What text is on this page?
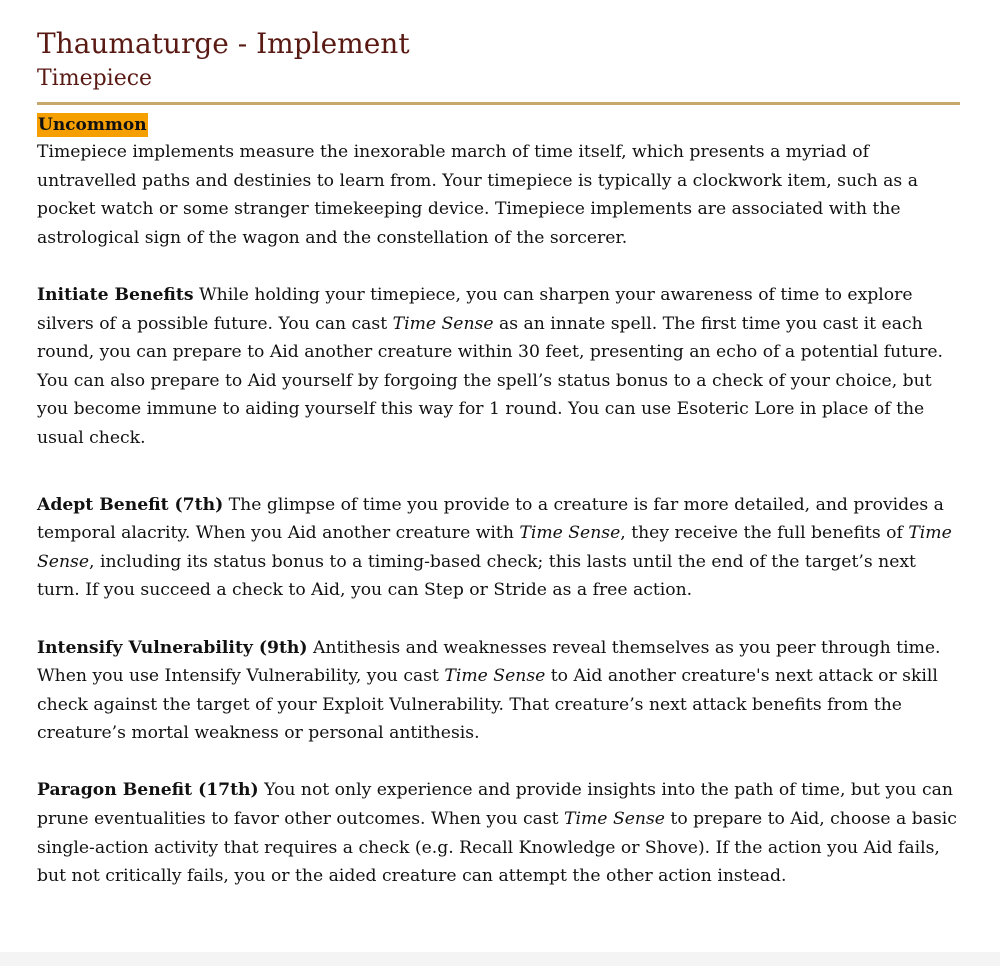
Thaumaturge - Implement
Timepiece
Uncommon

Timepiece implements measure the inexorable march of time itself, which presents a myriad of untravelled paths and destinies to learn from. Your timepiece is typically a clockwork item, such as a pocket watch or some stranger timekeeping device. Timepiece implements are associated with the astrological sign of the wagon and the constellation of the sorcerer.

Initiate Benefits While holding your timepiece, you can sharpen your awareness of time to explore silvers of a possible future. You can cast Time Sense as an innate spell. The first time you cast it each round, you can prepare to Aid another creature within 30 feet, presenting an echo of a potential future. You can also prepare to Aid yourself by forgoing the spell’s status bonus to a check of your choice, but you become immune to aiding yourself this way for 1 round. You can use Esoteric Lore in place of the usual check.

Adept Benefit (7th) The glimpse of time you provide to a creature is far more detailed, and provides a temporal alacrity. When you Aid another creature with Time Sense, they receive the full benefits of Time Sense, including its status bonus to a timing-based check; this lasts until the end of the target’s next turn. If you succeed a check to Aid, you can Step or Stride as a free action.

Intensify Vulnerability (9th) Antithesis and weaknesses reveal themselves as you peer through time. When you use Intensify Vulnerability, you cast Time Sense to Aid another creature's next attack or skill check against the target of your Exploit Vulnerability. That creature’s next attack benefits from the creature’s mortal weakness or personal antithesis.

Paragon Benefit (17th) You not only experience and provide insights into the path of time, but you can prune eventualities to favor other outcomes. When you cast Time Sense to prepare to Aid, choose a basic single-action activity that requires a check (e.g. Recall Knowledge or Shove). If the action you Aid fails, but not critically fails, you or the aided creature can attempt the other action instead.
